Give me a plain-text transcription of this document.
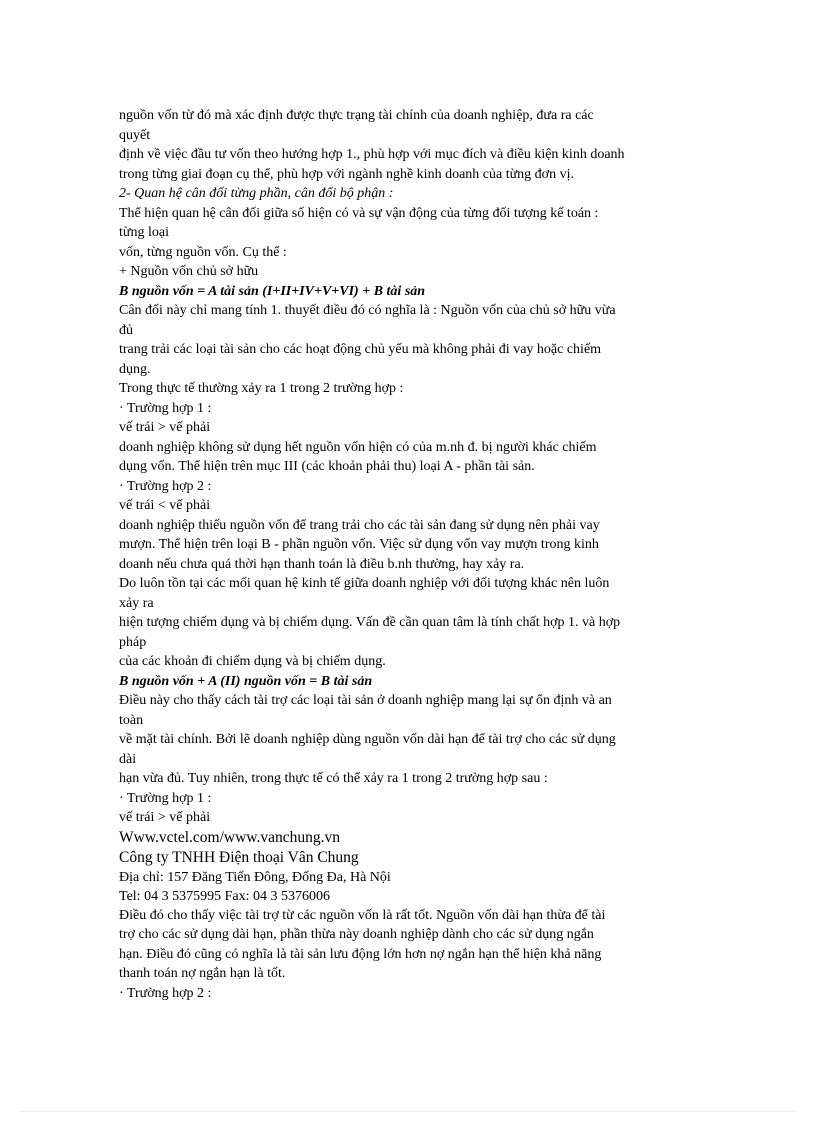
nguồn vốn từ đó mà xác định được thực trạng tài chính của doanh nghiệp, đưa ra các
quyết
định về việc đầu tư vốn theo hướng hợp 1., phù hợp với mục đích và điều kiện kinh doanh
trong từng giai đoạn cụ thể, phù hợp với ngành nghề kinh doanh của từng đơn vị.
2- Quan hệ cân đối từng phần, cân đối bộ phận :
Thể hiện quan hệ cân đối giữa số hiện có và sự vận động của từng đối tượng kế toán :
từng loại
vốn, từng nguồn vốn. Cụ thể :
+ Nguồn vốn chủ sở hữu
B nguồn vốn = A tài sản (I+II+IV+V+VI) + B tài sản
Cân đối này chỉ mang tính 1. thuyết điều đó có nghĩa là : Nguồn vốn của chủ sở hữu vừa
đủ
trang trải các loại tài sản cho các hoạt động chủ yếu mà không phải đi vay hoặc chiếm
dụng.
Trong thực tế thường xảy ra 1 trong 2 trường hợp :
· Trường hợp 1 :
vế trái > vế phải
doanh nghiệp không sử dụng hết nguồn vốn hiện có của m.nh đ. bị người khác chiếm
dụng vốn. Thể hiện trên mục III (các khoản phải thu) loại A - phần tài sản.
· Trường hợp 2 :
vế trái < vế phải
doanh nghiệp thiếu nguồn vốn để trang trải cho các tài sản đang sử dụng nên phải vay
mượn. Thể hiện trên loại B - phần nguồn vốn. Việc sử dụng vốn vay mượn trong kinh
doanh nếu chưa quá thời hạn thanh toán là điều b.nh thường, hay xảy ra.
Do luôn tồn tại các mối quan hệ kinh tế giữa doanh nghiệp với đối tượng khác nên luôn
xảy ra
hiện tượng chiếm dụng và bị chiếm dụng. Vấn đề cần quan tâm là tính chất hợp 1. và hợp
pháp
của các khoản đi chiếm dụng và bị chiếm dụng.
B nguồn vốn + A (II) nguồn vốn = B tài sản
Điều này cho thấy cách tài trợ các loại tài sản ở doanh nghiệp mang lại sự ổn định và an
toàn
về mặt tài chính. Bởi lẽ doanh nghiệp dùng nguồn vốn dài hạn để tài trợ cho các sử dụng
dài
hạn vừa đủ. Tuy nhiên, trong thực tế có thể xảy ra 1 trong 2 trường hợp sau :
· Trường hợp 1 :
vế trái > vế phải
Www.vctel.com/www.vanchung.vn
Công ty TNHH Điện thoại Vân Chung
Địa chỉ: 157 Đăng Tiến Đông, Đống Đa, Hà Nội
Tel: 04 3 5375995 Fax: 04 3 5376006
Điều đó cho thấy việc tài trợ từ các nguồn vốn là rất tốt. Nguồn vốn dài hạn thừa để tài
trợ cho các sử dụng dài hạn, phần thừa này doanh nghiệp dành cho các sử dụng ngắn
hạn. Điều đó cũng có nghĩa là tài sản lưu động lớn hơn nợ ngắn hạn thể hiện khả năng
thanh toán nợ ngắn hạn là tốt.
· Trường hợp 2 :
